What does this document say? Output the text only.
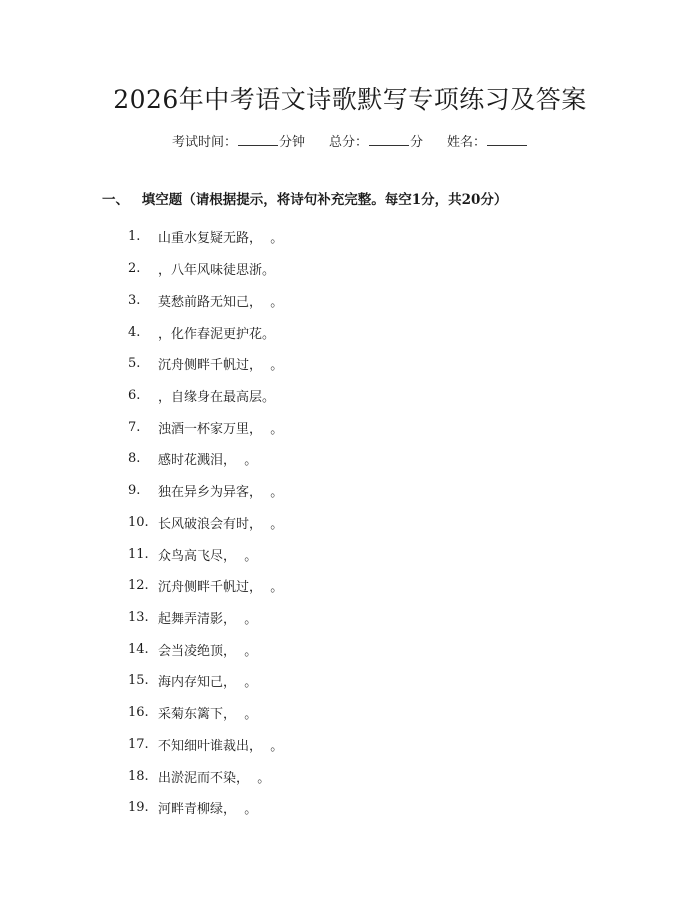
2026年中考语文诗歌默写专项练习及答案
考试时间：	分钟 总分：	分 姓名：
一、 填空题（请根据提示，将诗句补充完整。每空1分，共20分）
1.	山重水复疑无路，  。
2.	，八年风味徒思浙。
3.	莫愁前路无知己，  。
4.	，化作春泥更护花。
5.	沉舟侧畔千帆过，  。
6.	，自缘身在最高层。
7.	浊酒一杯家万里，  。
8.	感时花溅泪，  。
9.	独在异乡为异客，  。
10. 长风破浪会有时，  。
11. 众鸟高飞尽，  。
12. 沉舟侧畔千帆过，  。
13. 起舞弄清影，  。
14. 会当凌绝顶，  。
15. 海内存知己，  。
16. 采菊东篱下，  。
17. 不知细叶谁裁出，  。
18. 出淤泥而不染，  。
19. 河畔青柳绿，  。
